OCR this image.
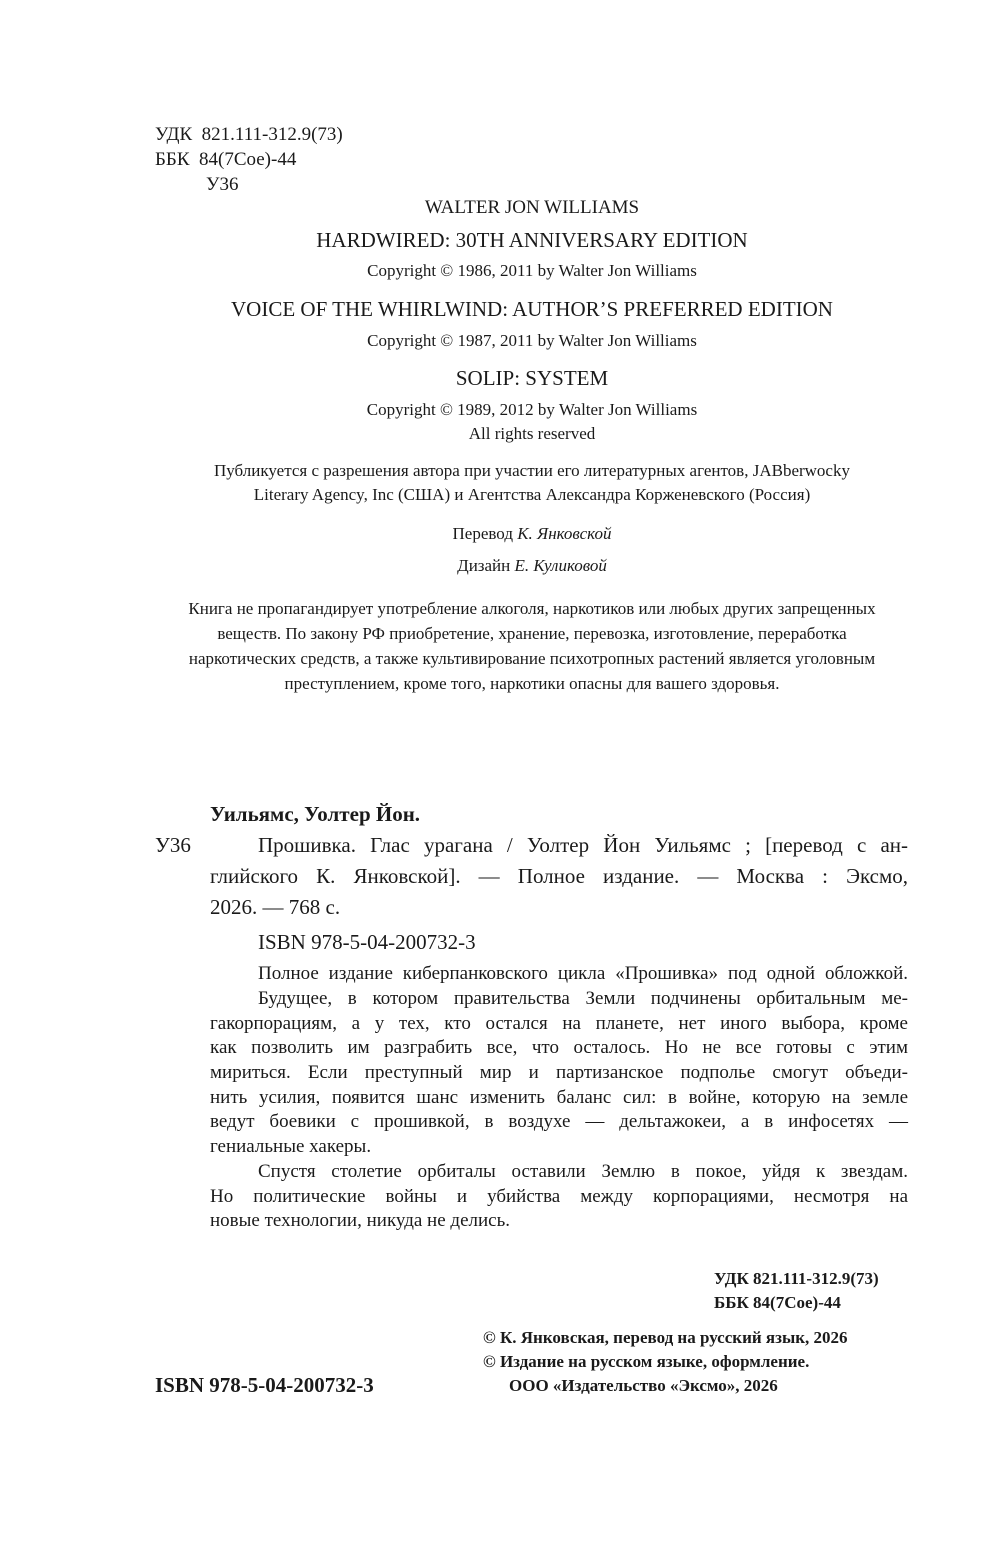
УДК 821.111-312.9(73)
ББК 84(7Сое)-44
У36
WALTER JON WILLIAMS
HARDWIRED: 30TH ANNIVERSARY EDITION
Copyright © 1986, 2011 by Walter Jon Williams
VOICE OF THE WHIRLWIND: AUTHOR’S PREFERRED EDITION
Copyright © 1987, 2011 by Walter Jon Williams
SOLIP: SYSTEM
Copyright © 1989, 2012 by Walter Jon Williams
All rights reserved
Публикуется с разрешения автора при участии его литературных агентов, JABberwocky
Literary Agency, Inc (США) и Агентства Александра Корженевского (Россия)
Перевод К. Янковской
Дизайн Е. Куликовой
Книга не пропагандирует употребление алкоголя, наркотиков или любых других запрещенных
веществ. По закону РФ приобретение, хранение, перевозка, изготовление, переработка
наркотических средств, а также культивирование психотропных растений является уголовным
преступлением, кроме того, наркотики опасны для вашего здоровья.
Уильямс, Уолтер Йон.
У36	Прошивка. Глас урагана / Уолтер Йон Уильямс ; [перевод с ан-
глийского К. Янковской]. — Полное издание. — Москва : Эксмо,
2026. — 768 с.
ISBN 978-5-04-200732-3
Полное издание киберпанковского цикла «Прошивка» под одной обложкой.
Будущее, в котором правительства Земли подчинены орбитальным ме-
гакорпорациям, а у тех, кто остался на планете, нет иного выбора, кроме
как позволить им разграбить все, что осталось. Но не все готовы с этим
мириться. Если преступный мир и партизанское подполье смогут объеди-
нить усилия, появится шанс изменить баланс сил: в войне, которую на земле
ведут боевики с прошивкой, в воздухе — дельтажокеи, а в инфосетях —
гениальные хакеры.
Спустя столетие орбиталы оставили Землю в покое, уйдя к звездам.
Но политические войны и убийства между корпорациями, несмотря на
новые технологии, никуда не делись.
УДК 821.111-312.9(73)
ББК 84(7Сое)-44
© К. Янковская, перевод на русский язык, 2026
© Издание на русском языке, оформление.
ООО «Издательство «Эксмо», 2026
ISBN 978-5-04-200732-3
